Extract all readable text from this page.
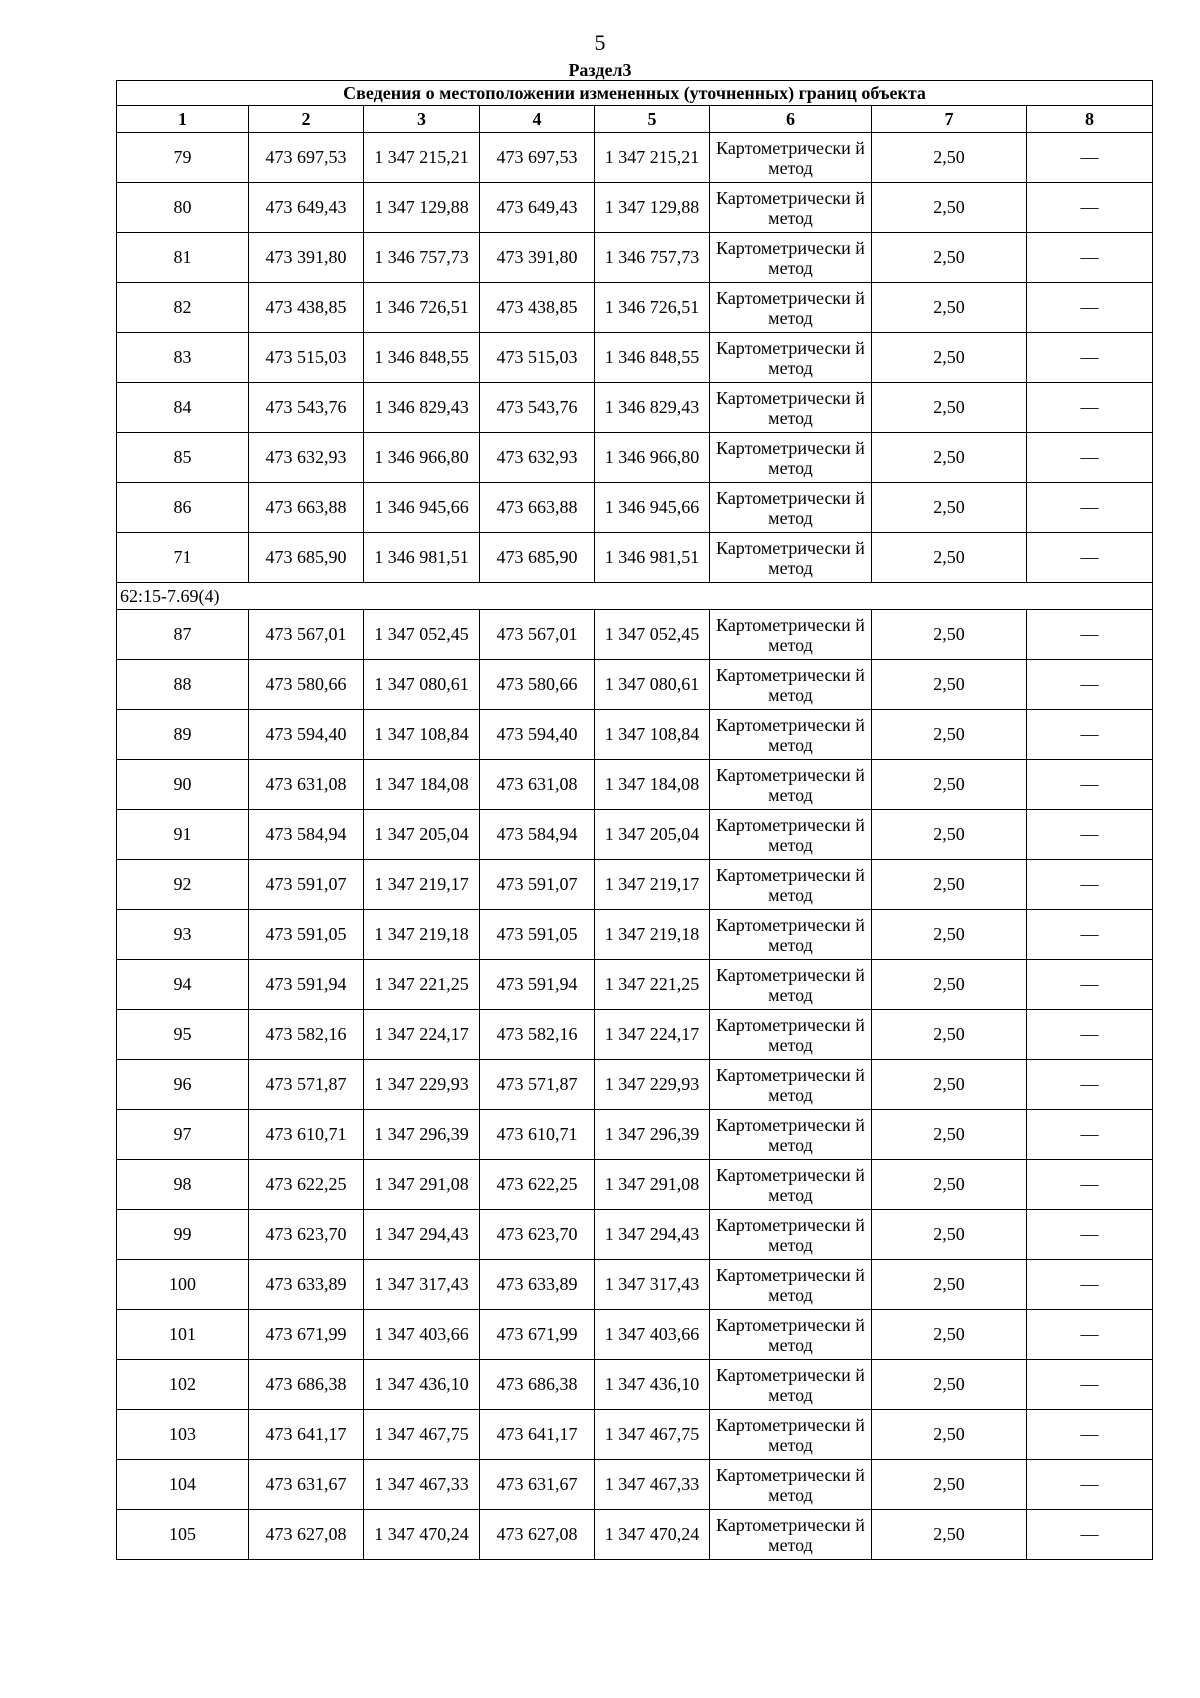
5
Раздел3
Сведения о местоположении измененных (уточненных) границ объекта							
1	2	3	4	5	6	7	8
79	473 697,53	1 347 215,21	473 697,53	1 347 215,21	Картометрически й метод	2,50	—
80	473 649,43	1 347 129,88	473 649,43	1 347 129,88	Картометрически й метод	2,50	—
81	473 391,80	1 346 757,73	473 391,80	1 346 757,73	Картометрически й метод	2,50	—
82	473 438,85	1 346 726,51	473 438,85	1 346 726,51	Картометрически й метод	2,50	—
83	473 515,03	1 346 848,55	473 515,03	1 346 848,55	Картометрически й метод	2,50	—
84	473 543,76	1 346 829,43	473 543,76	1 346 829,43	Картометрически й метод	2,50	—
85	473 632,93	1 346 966,80	473 632,93	1 346 966,80	Картометрически й метод	2,50	—
86	473 663,88	1 346 945,66	473 663,88	1 346 945,66	Картометрически й метод	2,50	—
71	473 685,90	1 346 981,51	473 685,90	1 346 981,51	Картометрически й метод	2,50	—
62:15-7.69(4)							
87	473 567,01	1 347 052,45	473 567,01	1 347 052,45	Картометрически й метод	2,50	—
88	473 580,66	1 347 080,61	473 580,66	1 347 080,61	Картометрически й метод	2,50	—
89	473 594,40	1 347 108,84	473 594,40	1 347 108,84	Картометрически й метод	2,50	—
90	473 631,08	1 347 184,08	473 631,08	1 347 184,08	Картометрически й метод	2,50	—
91	473 584,94	1 347 205,04	473 584,94	1 347 205,04	Картометрически й метод	2,50	—
92	473 591,07	1 347 219,17	473 591,07	1 347 219,17	Картометрически й метод	2,50	—
93	473 591,05	1 347 219,18	473 591,05	1 347 219,18	Картометрически й метод	2,50	—
94	473 591,94	1 347 221,25	473 591,94	1 347 221,25	Картометрически й метод	2,50	—
95	473 582,16	1 347 224,17	473 582,16	1 347 224,17	Картометрически й метод	2,50	—
96	473 571,87	1 347 229,93	473 571,87	1 347 229,93	Картометрически й метод	2,50	—
97	473 610,71	1 347 296,39	473 610,71	1 347 296,39	Картометрически й метод	2,50	—
98	473 622,25	1 347 291,08	473 622,25	1 347 291,08	Картометрически й метод	2,50	—
99	473 623,70	1 347 294,43	473 623,70	1 347 294,43	Картометрически й метод	2,50	—
100	473 633,89	1 347 317,43	473 633,89	1 347 317,43	Картометрически й метод	2,50	—
101	473 671,99	1 347 403,66	473 671,99	1 347 403,66	Картометрически й метод	2,50	—
102	473 686,38	1 347 436,10	473 686,38	1 347 436,10	Картометрически й метод	2,50	—
103	473 641,17	1 347 467,75	473 641,17	1 347 467,75	Картометрически й метод	2,50	—
104	473 631,67	1 347 467,33	473 631,67	1 347 467,33	Картометрически й метод	2,50	—
105	473 627,08	1 347 470,24	473 627,08	1 347 470,24	Картометрически й метод	2,50	—
